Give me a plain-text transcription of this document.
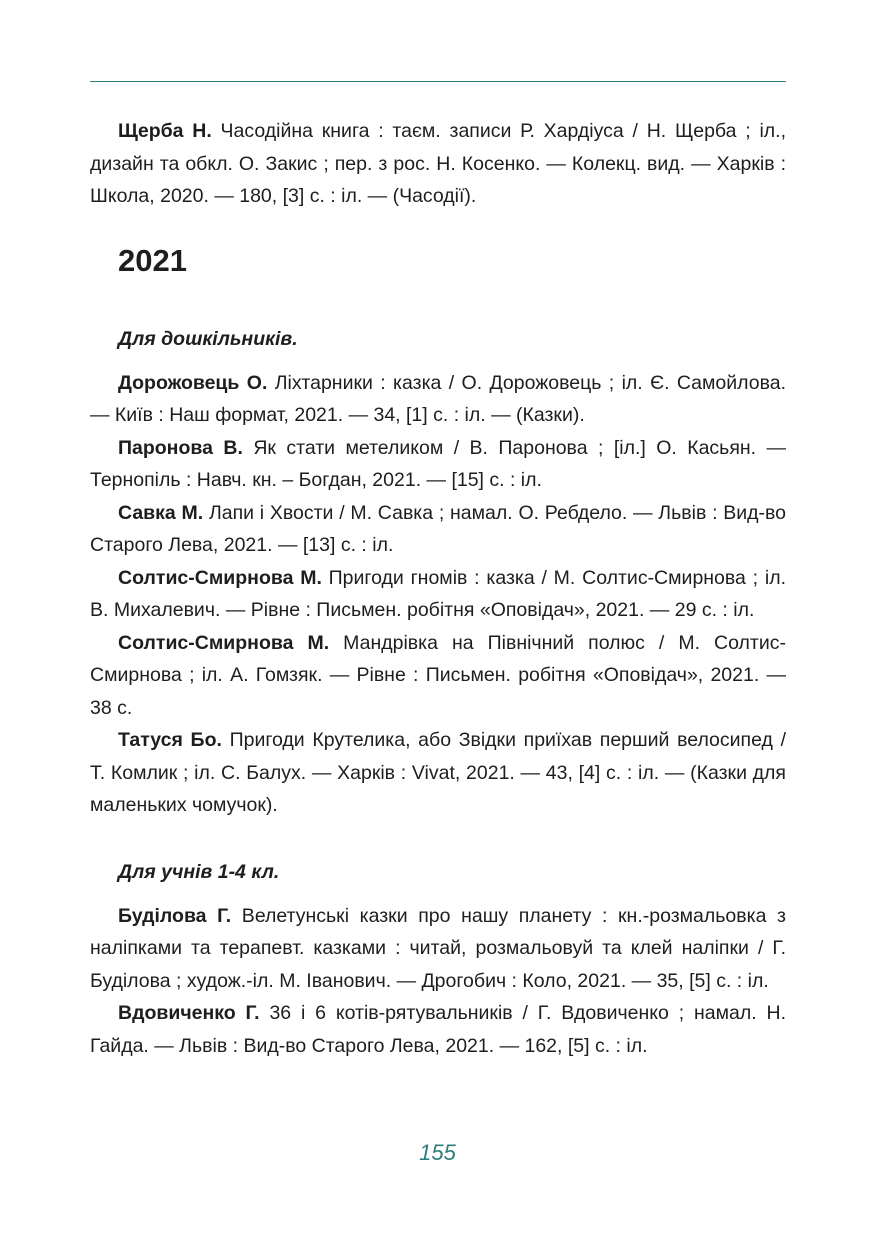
Щерба Н. Часодійна книга : таєм. записи Р. Хардіуса / Н. Щерба ; іл., дизайн та обкл. О. Закис ; пер. з рос. Н. Косенко. — Колекц. вид. — Харків : Школа, 2020. — 180, [3] с. : іл. — (Часодії).

2021
Для дошкільників.

Дорожовець О. Ліхтарники : казка / О. Дорожовець ; іл. Є. Самойлова. — Київ : Наш формат, 2021. — 34, [1] с. : іл. — (Казки).

Паронова В. Як стати метеликом / В. Паронова ; [іл.] О. Касьян. — Тернопіль : Навч. кн. – Богдан, 2021. — [15] с. : іл.

Савка М. Лапи і Хвости / М. Савка ; намал. О. Ребдело. — Львів : Вид-во Старого Лева, 2021. — [13] с. : іл.

Солтис-Смирнова М. Пригоди гномів : казка / М. Солтис-Смирнова ; іл. В. Михалевич. — Рівне : Письмен. робітня «Оповідач», 2021. — 29 с. : іл.

Солтис-Смирнова М. Мандрівка на Північний полюс / М. Солтис-Смирнова ; іл. А. Гомзяк. — Рівне : Письмен. робітня «Оповідач», 2021. — 38 с.

Татуся Бо. Пригоди Крутелика, або Звідки приїхав перший велосипед / Т. Комлик ; іл. С. Балух. — Харків : Vivat, 2021. — 43, [4] с. : іл. — (Казки для маленьких чомучок).

Для учнів 1-4 кл.

Буділова Г. Велетунські казки про нашу планету : кн.-розмальовка з наліпками та терапевт. казками : читай, розмальовуй та клей наліпки / Г. Буділова ; худож.-іл. М. Іванович. — Дрогобич : Коло, 2021. — 35, [5] с. : іл.

Вдовиченко Г. 36 і 6 котів-рятувальників / Г. Вдовиченко ; намал. Н. Гайда. — Львів : Вид-во Старого Лева, 2021. — 162, [5] с. : іл.

155
